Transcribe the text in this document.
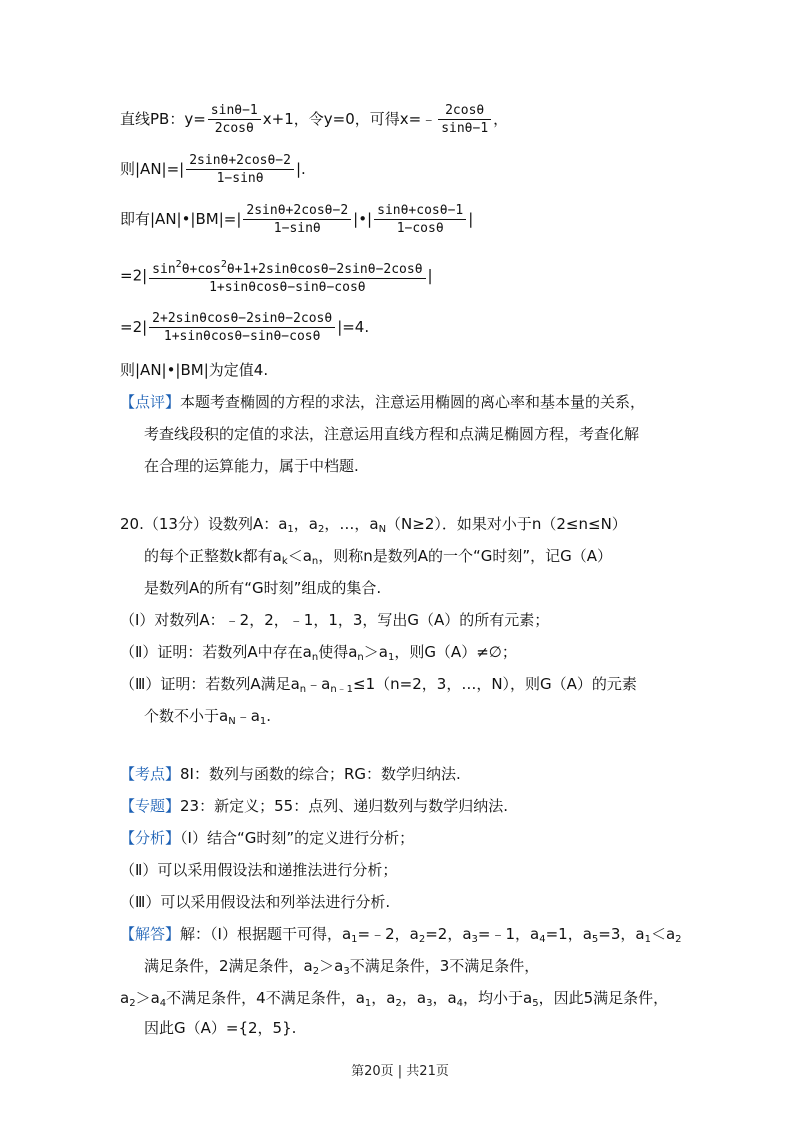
直线PB：$y= \frac{\sin\theta-1}{2\cos\theta} x+1$，令y=0，可得x=﹣ $\frac{2\cos\theta}{\sin\theta-1}$ ，
则$|AN|=| \frac{2\sin\theta+2\cos\theta-2}{1-\sin\theta}$ |.
即有|AN|•|BM|=| $\frac{2\sin\theta+2\cos\theta-2}{1-\sin\theta}$ |•| $\frac{\sin\theta+\cos\theta-1}{1-\cos\theta}$ |
$=2| \frac{\sin^2\theta+\cos^2\theta+1+2\sin\theta\cos\theta-2\sin\theta-2\cos\theta}{1+\sin\theta\cos\theta-\sin\theta-\cos\theta}$ |
$=2| \frac{2+2\sin\theta\cos\theta-2\sin\theta-2\cos\theta}{1+\sin\theta\cos\theta-\sin\theta-\cos\theta} |=4$.
则|AN|•|BM|为定值4.
【点评】本题考查椭圆的方程的求法，注意运用椭圆的离心率和基本量的关系，
考查线段积的定值的求法，注意运用直线方程和点满足椭圆方程，考查化解
在合理的运算能力，属于中档题.
20.（13分）设数列A：$a_1$，$a_2$，…，$a_N(N\ge 2)$．如果对小于n（2≤n≤N）
的每个正整数k都有$a_k<a_n$，则称n是数列A的一个“G时刻”，记G（A）
是数列A的所有“G时刻”组成的集合.
（Ⅰ）对数列A：﹣2，2，﹣1，1，3，写出G（A）的所有元素；
（Ⅱ）证明：若数列A中存在$a_n$使得$a_n>a_1$，则G（A）≠∅；
（Ⅲ）证明：若数列A满足$a_n﹣a_{n﹣1}\le 1(n=2$，3，…，N），则G（A）的元素
个数不小于$a_N﹣a_1$.
【考点】8I：数列与函数的综合；RG：数学归纳法.
【专题】23：新定义；55：点列、递归数列与数学归纳法.
【分析】（Ⅰ）结合“G时刻”的定义进行分析；
（Ⅱ）可以采用假设法和递推法进行分析；
（Ⅲ）可以采用假设法和列举法进行分析.
【解答】解：（Ⅰ）根据题干可得，$a_1=﹣2$，$a_2=2$，$a_3=﹣1$，$a_4=1$，$a_5=3$，$a_1<a_2$
满足条件，2满足条件，$a_2>a_3$不满足条件，3不满足条件，
$a_2>a_4$不满足条件，4不满足条件，$a_1$，$a_2$，$a_3$，$a_4$，均小于$a_5$，因此5满足条件，
因此G（A）={2，5}.
第20页 | 共21页
